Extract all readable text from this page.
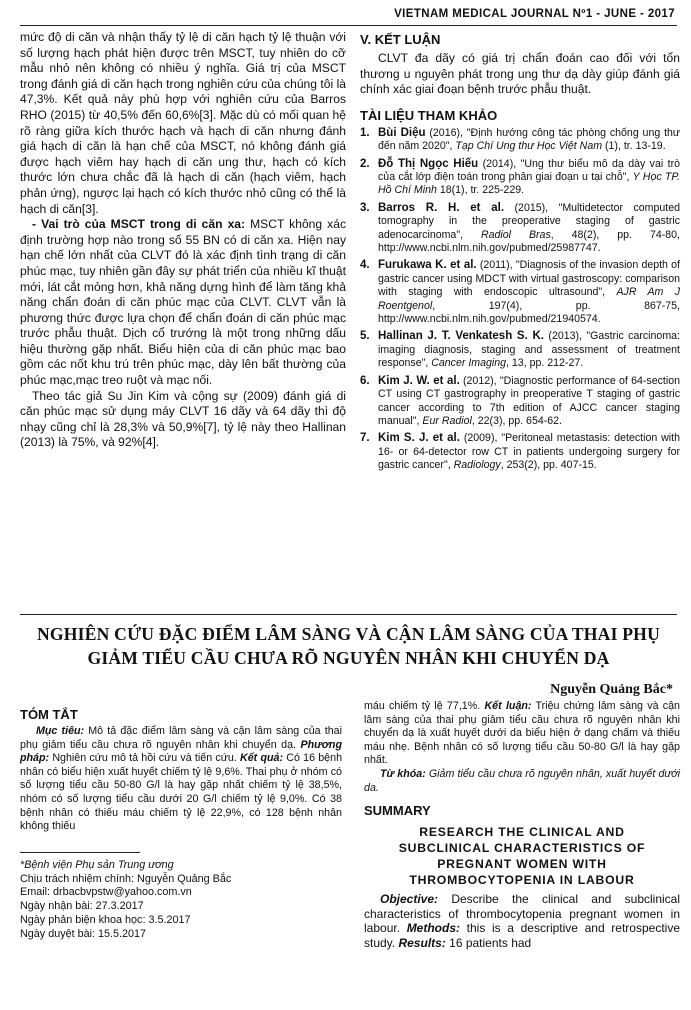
VIETNAM MEDICAL JOURNAL Nº1 - JUNE - 2017

mức độ di căn và nhận thấy tỷ lệ di căn hạch tỷ lệ thuận với số lượng hạch phát hiện được trên MSCT, tuy nhiên do cỡ mẫu nhỏ nên không có nhiều ý nghĩa. Giá trị của MSCT trong đánh giá di căn hạch trong nghiên cứu của chúng tôi là 47,3%. Kết quả này phù hợp với nghiên cứu của Barros RHO (2015) từ 40,5% đến 60,6%[3]. Mặc dù có mối quan hệ rõ ràng giữa kích thước hạch và hạch di căn nhưng đánh giá hạch di căn là hạn chế của MSCT, nó không đánh giá được hạch viêm hay hạch di căn ung thư, hạch có kích thước lớn chưa chắc đã là hạch di căn (hạch viêm, hạch phản ứng), ngược lại hạch có kích thước nhỏ cũng có thể là hạch di căn[3].

- Vai trò của MSCT trong di căn xa: MSCT không xác định trường hợp nào trong số 55 BN có di căn xa. Hiện nay hạn chế lớn nhất của CLVT đó là xác định tình trạng di căn phúc mạc, tuy nhiên gần đây sự phát triển của nhiều kĩ thuật mới, lát cắt mỏng hơn, khả năng dựng hình để làm tăng khả năng chẩn đoán di căn phúc mạc của CLVT. CLVT vẫn là phương thức được lựa chọn để chẩn đoán di căn phúc mạc trước phẫu thuật. Dịch cổ trướng là một trong những dấu hiệu thường gặp nhất. Biểu hiện của di căn phúc mạc bao gồm các nốt khu trú trên phúc mạc, dày lên bất thường của phúc mạc,mạc treo ruột và mạc nối.

Theo tác giả Su Jin Kim và cộng sự (2009) đánh giá di căn phúc mạc sử dụng máy CLVT 16 dãy và 64 dãy thì độ nhạy cũng chỉ là 28,3% và 50,9%[7], tỷ lệ này theo Hallinan (2013) là 75%, và 92%[4].

V. KẾT LUẬN

CLVT đa dãy có giá trị chẩn đoán cao đối với tổn thương u nguyên phát trong ung thư dạ dày giúp đánh giá chính xác giai đoạn bệnh trước phẫu thuật.

TÀI LIỆU THAM KHẢO
1. Bùi Diệu (2016), "Định hướng công tác phòng chống ung thư đến năm 2020", Tạp Chí Ung thư Học Việt Nam (1), tr. 13-19.
2. Đỗ Thị Ngọc Hiếu (2014), "Ung thư biểu mô dạ dày vai trò của cắt lớp điện toán trong phân giai đoạn u tại chỗ", Y Học TP. Hồ Chí Minh 18(1), tr. 225-229.
3. Barros R. H. et al. (2015), "Multidetector computed tomography in the preoperative staging of gastric adenocarcinoma", Radiol Bras, 48(2), pp. 74-80, http://www.ncbi.nlm.nih.gov/pubmed/25987747.
4. Furukawa K. et al. (2011), "Diagnosis of the invasion depth of gastric cancer using MDCT with virtual gastroscopy: comparison with staging with endoscopic ultrasound", AJR Am J Roentgenol, 197(4), pp. 867-75, http://www.ncbi.nlm.nih.gov/pubmed/21940574.
5. Hallinan J. T. Venkatesh S. K. (2013), "Gastric carcinoma: imaging diagnosis, staging and assessment of treatment response", Cancer Imaging, 13, pp. 212-27.
6. Kim J. W. et al. (2012), "Diagnostic performance of 64-section CT using CT gastrography in preoperative T staging of gastric cancer according to 7th edition of AJCC cancer staging manual", Eur Radiol, 22(3), pp. 654-62.
7. Kim S. J. et al. (2009), "Peritoneal metastasis: detection with 16- or 64-detector row CT in patients undergoing surgery for gastric cancer", Radiology, 253(2), pp. 407-15.
NGHIÊN CỨU ĐẶC ĐIỂM LÂM SÀNG VÀ CẬN LÂM SÀNG CỦA THAI PHỤ
GIẢM TIỂU CẦU CHƯA RÕ NGUYÊN NHÂN KHI CHUYỂN DẠ
Nguyễn Quảng Bắc*
TÓM TẮT

Mục tiêu: Mô tả đặc điểm lâm sàng và cận lâm sàng của thai phụ giảm tiểu cầu chưa rõ nguyên nhân khi chuyển dạ. Phương pháp: Nghiên cứu mô tả hồi cứu và tiến cứu. Kết quả: Có 16 bệnh nhân có biểu hiện xuất huyết chiếm tỷ lệ 9,6%. Thai phụ ở nhóm có số lượng tiểu cầu 50-80 G/l là hay gặp nhất chiếm tỷ lệ 38,5%, nhóm có số lượng tiểu cầu dưới 20 G/l chiếm tỷ lệ 9,0%. Có 38 bệnh nhân có thiếu máu chiếm tỷ lệ 22,9%, có 128 bệnh nhân không thiếu

*Bệnh viện Phụ sản Trung ương
Chịu trách nhiệm chính: Nguyễn Quảng Bắc
Email: drbacbvpstw@yahoo.com.vn
Ngày nhận bài: 27.3.2017
Ngày phản biện khoa học: 3.5.2017
Ngày duyệt bài: 15.5.2017

máu chiếm tỷ lệ 77,1%. Kết luận: Triệu chứng lâm sàng và cận lâm sàng của thai phụ giảm tiểu cầu chưa rõ nguyên nhân khi chuyển dạ là xuất huyết dưới da biểu hiện ở dạng chấm và thiếu máu nhẹ. Bệnh nhân có số lượng tiểu cầu 50-80 G/l là hay gặp nhất.

Từ khóa: Giảm tiểu cầu chưa rõ nguyên nhân, xuất huyết dưới da.

SUMMARY
RESEARCH THE CLINICAL AND
SUBCLINICAL CHARACTERISTICS OF
PREGNANT WOMEN WITH
THROMBOCYTOPENIA IN LABOUR

Objective: Describe the clinical and subclinical characteristics of thrombocytopenia pregnant women in labour. Methods: this is a descriptive and retrospective study. Results: 16 patients had
